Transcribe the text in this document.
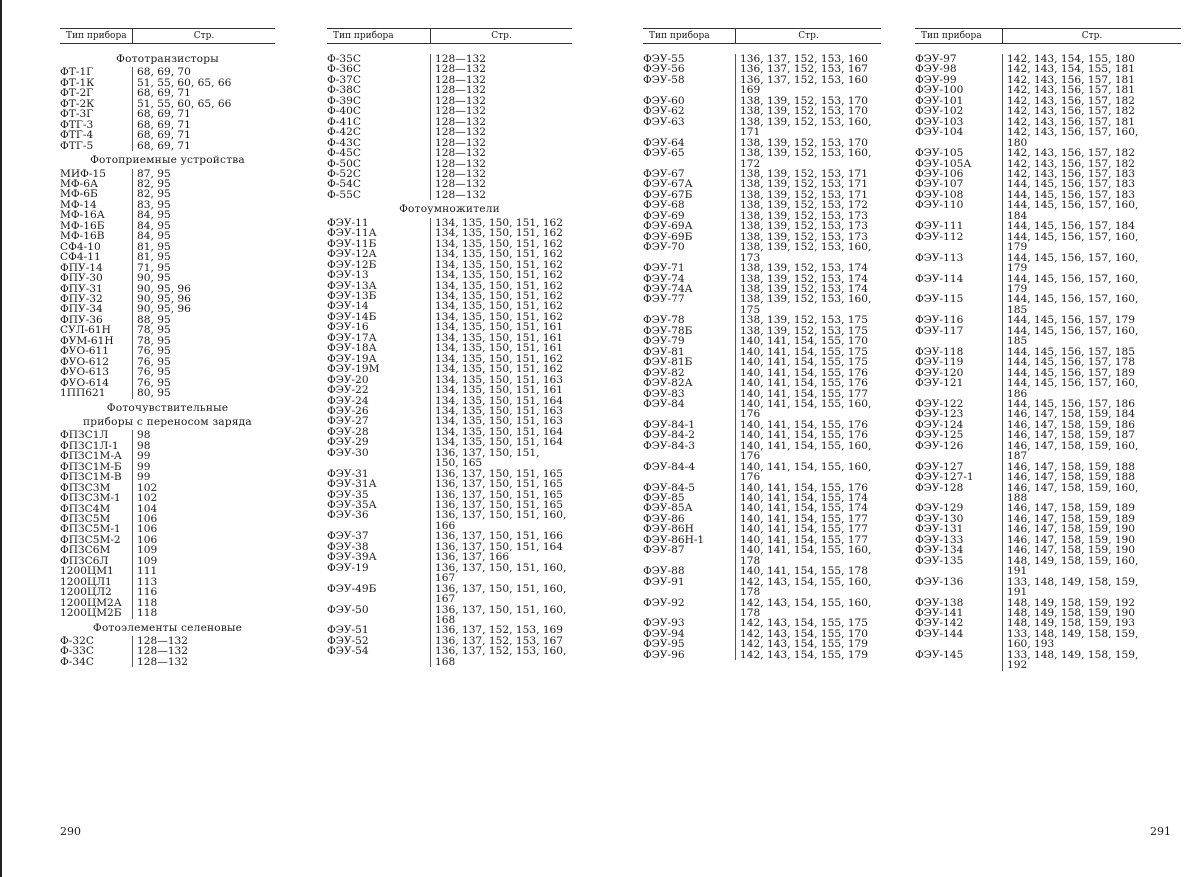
Тип прибора	Стр.
Фототранзисторы
ФТ-1Г	68, 69, 70
ФТ-1К	51, 55, 60, 65, 66
ФТ-2Г	68, 69, 71
ФТ-2К	51, 55, 60, 65, 66
ФТ-3Г	68, 69, 71
ФТГ-3	68, 69, 71
ФТГ-4	68, 69, 71
ФТГ-5	68, 69, 71
Фотоприемные устройства
МИФ-15	87, 95
МФ-6А	82, 95
МФ-6Б	82, 95
МФ-14	83, 95
МФ-16А	84, 95
МФ-16Б	84, 95
МФ-16В	84, 95
СФ4-10	81, 95
СФ4-11	81, 95
ФПУ-14	71, 95
ФПУ-30	90, 95
ФПУ-31	90, 95, 96
ФПУ-32	90, 95, 96
ФПУ-34	90, 95, 96
ФПУ-36	88, 95
СУЛ-61Н	78, 95
ФУМ-61Н	78, 95
ФУО-611	76, 95
ФУО-612	76, 95
ФУО-613	76, 95
ФУО-614	76, 95
1ПП621	80, 95
Фоточувствительные
приборы с переносом заряда
ФПЗС1Л	98
ФПЗС1Л-1	98
ФПЗС1М-А	99
ФПЗС1М-Б	99
ФПЗС1М-В	99
ФПЗС3М	102
ФПЗС3М-1	102
ФПЗС4М	104
ФПЗС5М	106
ФПЗС5М-1	106
ФПЗС5М-2	106
ФПЗС6М	109
ФПЗС6Л	109
1200ЦМ1	111
1200ЦЛ1	113
1200ЦЛ2	116
1200ЦМ2А	118
1200ЦМ2Б	118
Фотоэлементы селеновые
Ф-32С	128—132
Ф-33С	128—132
Ф-34С	128—132
Тип прибора	Стр.
Ф-35С	128—132
Ф-36С	128—132
Ф-37С	128—132
Ф-38С	128—132
Ф-39С	128—132
Ф-40С	128—132
Ф-41С	128—132
Ф-42С	128—132
Ф-43С	128—132
Ф-45С	128—132
Ф-50С	128—132
Ф-52С	128—132
Ф-54С	128—132
Ф-55С	128—132
Фотоумножители
ФЭУ-11	134, 135, 150, 151, 162
ФЭУ-11А	134, 135, 150, 151, 162
ФЭУ-11Б	134, 135, 150, 151, 162
ФЭУ-12А	134, 135, 150, 151, 162
ФЭУ-12Б	134, 135, 150, 151, 162
ФЭУ-13	134, 135, 150, 151, 162
ФЭУ-13А	134, 135, 150, 151, 162
ФЭУ-13Б	134, 135, 150, 151, 162
ФЭУ-14	134, 135, 150, 151, 162
ФЭУ-14Б	134, 135, 150, 151, 162
ФЭУ-16	134, 135, 150, 151, 161
ФЭУ-17А	134, 135, 150, 151, 161
ФЭУ-18А	134, 135, 150, 151, 161
ФЭУ-19А	134, 135, 150, 151, 162
ФЭУ-19М	134, 135, 150, 151, 162
ФЭУ-20	134, 135, 150, 151, 163
ФЭУ-22	134, 135, 150, 151, 161
ФЭУ-24	134, 135, 150, 151, 164
ФЭУ-26	134, 135, 150, 151, 163
ФЭУ-27	134, 135, 150, 151, 163
ФЭУ-28	134, 135, 150, 151, 164
ФЭУ-29	134, 135, 150, 151, 164
ФЭУ-30	136, 137, 150, 151,
150, 165
ФЭУ-31	136, 137, 150, 151, 165
ФЭУ-31А	136, 137, 150, 151, 165
ФЭУ-35	136, 137, 150, 151, 165
ФЭУ-35А	136, 137, 150, 151, 165
ФЭУ-36	136, 137, 150, 151, 160,
166
ФЭУ-37	136, 137, 150, 151, 166
ФЭУ-38	136, 137, 150, 151, 164
ФЭУ-39А	136, 137, 166
ФЭУ-19	136, 137, 150, 151, 160,
167
ФЭУ-49Б	136, 137, 150, 151, 160,
167
ФЭУ-50	136, 137, 150, 151, 160,
168
ФЭУ-51	136, 137, 152, 153, 169
ФЭУ-52	136, 137, 152, 153, 167
ФЭУ-54	136, 137, 152, 153, 160,
168
Тип прибора	Стр.
ФЭУ-55	136, 137, 152, 153, 160
ФЭУ-56	136, 137, 152, 153, 167
ФЭУ-58	136, 137, 152, 153, 160
169
ФЭУ-60	138, 139, 152, 153, 170
ФЭУ-62	138, 139, 152, 153, 170
ФЭУ-63	138, 139, 152, 153, 160,
171
ФЭУ-64	138, 139, 152, 153, 170
ФЭУ-65	138, 139, 152, 153, 160,
172
ФЭУ-67	138, 139, 152, 153, 171
ФЭУ-67А	138, 139, 152, 153, 171
ФЭУ-67Б	138, 139, 152, 153, 171
ФЭУ-68	138, 139, 152, 153, 172
ФЭУ-69	138, 139, 152, 153, 173
ФЭУ-69А	138, 139, 152, 153, 173
ФЭУ-69Б	138, 139, 152, 153, 173
ФЭУ-70	138, 139, 152, 153, 160,
173
ФЭУ-71	138, 139, 152, 153, 174
ФЭУ-74	138, 139, 152, 153, 174
ФЭУ-74А	138, 139, 152, 153, 174
ФЭУ-77	138, 139, 152, 153, 160,
175
ФЭУ-78	138, 139, 152, 153, 175
ФЭУ-78Б	138, 139, 152, 153, 175
ФЭУ-79	140, 141, 154, 155, 170
ФЭУ-81	140, 141, 154, 155, 175
ФЭУ-81Б	140, 141, 154, 155, 175
ФЭУ-82	140, 141, 154, 155, 176
ФЭУ-82А	140, 141, 154, 155, 176
ФЭУ-83	140, 141, 154, 155, 177
ФЭУ-84	140, 141, 154, 155, 160,
176
ФЭУ-84-1	140, 141, 154, 155, 176
ФЭУ-84-2	140, 141, 154, 155, 176
ФЭУ-84-3	140, 141, 154, 155, 160,
176
ФЭУ-84-4	140, 141, 154, 155, 160,
176
ФЭУ-84-5	140, 141, 154, 155, 176
ФЭУ-85	140, 141, 154, 155, 174
ФЭУ-85А	140, 141, 154, 155, 174
ФЭУ-86	140, 141, 154, 155, 177
ФЭУ-86Н	140, 141, 154, 155, 177
ФЭУ-86Н-1	140, 141, 154, 155, 177
ФЭУ-87	140, 141, 154, 155, 160,
178
ФЭУ-88	140, 141, 154, 155, 178
ФЭУ-91	142, 143, 154, 155, 160,
178
ФЭУ-92	142, 143, 154, 155, 160,
178
ФЭУ-93	142, 143, 154, 155, 175
ФЭУ-94	142, 143, 154, 155, 170
ФЭУ-95	142, 143, 154, 155, 179
ФЭУ-96	142, 143, 154, 155, 179
Тип прибора	Стр.
ФЭУ-97	142, 143, 154, 155, 180
ФЭУ-98	142, 143, 154, 155, 181
ФЭУ-99	142, 143, 156, 157, 181
ФЭУ-100	142, 143, 156, 157, 181
ФЭУ-101	142, 143, 156, 157, 182
ФЭУ-102	142, 143, 156, 157, 182
ФЭУ-103	142, 143, 156, 157, 181
ФЭУ-104	142, 143, 156, 157, 160,
180
ФЭУ-105	142, 143, 156, 157, 182
ФЭУ-105А	142, 143, 156, 157, 182
ФЭУ-106	142, 143, 156, 157, 183
ФЭУ-107	144, 145, 156, 157, 183
ФЭУ-108	144, 145, 156, 157, 183
ФЭУ-110	144, 145, 156, 157, 160,
184
ФЭУ-111	144, 145, 156, 157, 184
ФЭУ-112	144, 145, 156, 157, 160,
179
ФЭУ-113	144, 145, 156, 157, 160,
179
ФЭУ-114	144, 145, 156, 157, 160,
179
ФЭУ-115	144, 145, 156, 157, 160,
185
ФЭУ-116	144, 145, 156, 157, 179
ФЭУ-117	144, 145, 156, 157, 160,
185
ФЭУ-118	144, 145, 156, 157, 185
ФЭУ-119	144, 145, 156, 157, 178
ФЭУ-120	144, 145, 156, 157, 189
ФЭУ-121	144, 145, 156, 157, 160,
186
ФЭУ-122	144, 145, 156, 157, 186
ФЭУ-123	146, 147, 158, 159, 184
ФЭУ-124	146, 147, 158, 159, 186
ФЭУ-125	146, 147, 158, 159, 187
ФЭУ-126	146, 147, 158, 159, 160,
187
ФЭУ-127	146, 147, 158, 159, 188
ФЭУ-127-1	146, 147, 158, 159, 188
ФЭУ-128	146, 147, 158, 159, 160,
188
ФЭУ-129	146, 147, 158, 159, 189
ФЭУ-130	146, 147, 158, 159, 189
ФЭУ-131	146, 147, 158, 159, 190
ФЭУ-133	146, 147, 158, 159, 190
ФЭУ-134	146, 147, 158, 159, 190
ФЭУ-135	148, 149, 158, 159, 160,
191
ФЭУ-136	133, 148, 149, 158, 159,
191
ФЭУ-138	148, 149, 158, 159, 192
ФЭУ-141	148, 149, 158, 159, 190
ФЭУ-142	148, 149, 158, 159, 193
ФЭУ-144	133, 148, 149, 158, 159,
160, 193
ФЭУ-145	133, 148, 149, 158, 159,
192
290	291
